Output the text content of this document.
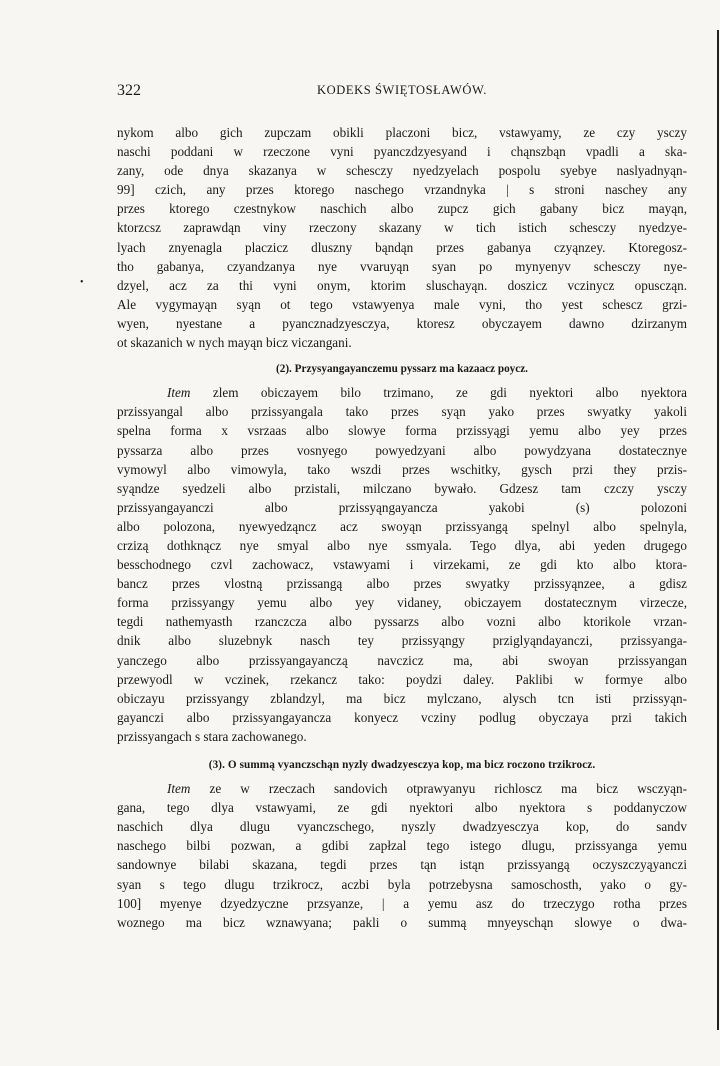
•
322	KODEKS ŚWIĘTOSŁAWÓW.
nykom albo gich zupczam obikli placzoni bicz, vstawyamy, ze czy ysczy
naschi poddani w rzeczone vyni pyanczdzyesyand i chąnszbąn vpadli a ska-
zany, ode dnya skazanya w schesczy nyedzyelach pospolu syebye naslyadnyąn-
99] czich, any przes ktorego naschego vrzandnyka | s stroni naschey any
przes ktorego czestnykow naschich albo zupcz gich gabany bicz mayąn,
ktorzcsz zaprawdąn viny rzeczony skazany w tich istich schesczy nyedzye-
lyach znyenagla placzicz dluszny bąndąn przes gabanya czyąnzey. Ktoregosz-
tho gabanya, czyandzanya nye vvaruyąn syan po mynyenyv schesczy nye-
dzyel, acz za thi vyni onym, ktorim sluschayąn. doszicz vczinycz opuscząn.
Ale vygymayąn syąn ot tego vstawyenya male vyni, tho yest schescz grzi-
wyen, nyestane a pyancznadzyesczya, ktoresz obyczayem dawno dzirzanym
ot skazanich w nych mayąn bicz viczangani.
(2). Przysyangayanczemu pyssarz ma kazaacz poycz.
Item zlem obiczayem bilo trzimano, ze gdi nyektori albo nyektora
przissyangal albo przissyangala tako przes syąn yako przes swyatky yakoli
spelna forma x vsrzaas albo slowye forma przissyągi yemu albo yey przes
pyssarza albo przes vosnyego powyedzyani albo powydzyana dostatecznye
vymowyl albo vimowyla, tako wszdi przes wschitky, gysch przi they przis-
syąndze syedzeli albo przistali, milczano bywało. Gdzesz tam czczy ysczy
przissyangayanczi albo przissyąngayancza yakobi (s) polozoni
albo polozona, nyewyedząncz acz swoyąn przissyangą spelnyl albo spelnyla,
crzizą dothknącz nye smyal albo nye ssmyala. Tego dlya, abi yeden drugego
besschodnego czvl zachowacz, vstawyami i virzekami, ze gdi kto albo ktora-
bancz przes vlostną przissangą albo przes swyatky przissyąnzee, a gdisz
forma przissyangy yemu albo yey vidaney, obiczayem dostatecznym virzecze,
tegdi nathemyasth rzanczcza albo pyssarzs albo vozni albo ktorikole vrzan-
dnik albo sluzebnyk nasch tey przissyąngy prziglyąndayanczi, przissyanga-
yanczego albo przissyangayanczą navczicz ma, abi swoyan przissyangan
przewyodl w vczinek, rzekancz tako: poydzi daley. Paklibi w formye albo
obiczayu przissyangy zblandzyl, ma bicz mylczano, alysch tcn isti przissyąn-
gayanczi albo przissyangayancza konyecz vcziny podlug obyczaya przi takich
przissyangach s stara zachowanego.
(3). O summą vyanczschąn nyzly dwadzyesczya kop, ma bicz roczono trzikrocz.
Item ze w rzeczach sandovich otprawyanyu richloscz ma bicz wsczyąn-
gana, tego dlya vstawyami, ze gdi nyektori albo nyektora s poddanyczow
naschich dlya dlugu vyanczschego, nyszly dwadzyesczya kop, do sandv
naschego bilbi pozwan, a gdibi zapłzal tego istego dlugu, przissyanga yemu
sandownye bilabi skazana, tegdi przes tąn istąn przissyangą oczyszczyąyanczi
syan s tego dlugu trzikrocz, aczbi byla potrzebysna samoschosth, yako o gy-
100] myenye dzyedzyczne przsyanze, | a yemu asz do trzeczygo rotha przes
woznego ma bicz wznawyana; pakli o summą mnyeyschąn slowye o dwa-
